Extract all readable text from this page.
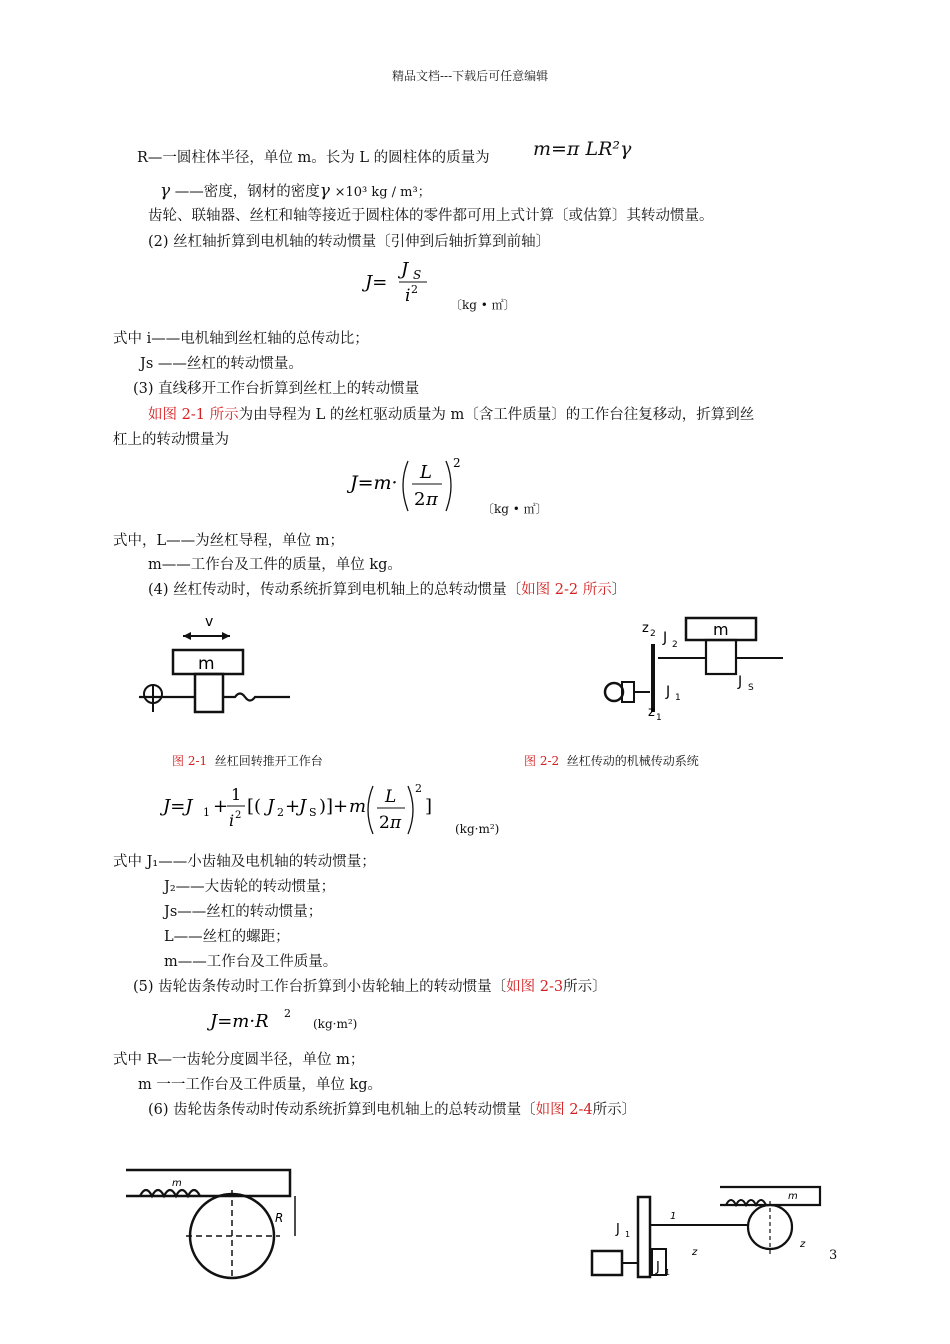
精品文档---下载后可任意编辑
R—一圆柱体半径，单位 m。长为 L 的圆柱体的质量为 m=π LR²γ
γ ——密度，钢材的密度γ ×10³ kg / m³；
齿轮、联轴器、丝杠和轴等接近于圆柱体的零件都可用上式计算〔或估算〕其转动惯量。
(2) 丝杠轴折算到电机轴的转动惯量〔引伸到后轴折算到前轴〕
J=
J S
i 2
〔kg • ㎡〕
式中 i——电机轴到丝杠轴的总传动比；
Js ——丝杠的转动惯量。
(3) 直线移开工作台折算到丝杠上的转动惯量
如图 2-1 所示为由导程为 L 的丝杠驱动质量为 m〔含工件质量〕的工作台往复移动，折算到丝
杠上的转动惯量为
J=m· L
2 π
2
〔kg • ㎡〕
式中，L——为丝杠导程，单位 m；
m——工作台及工件的质量，单位 kg。
(4) 丝杠传动时，传动系统折算到电机轴上的总转动惯量〔如图 2-2 所示〕
v
m
z 2 J 2
m
J 1
J S
z 1
图 2-1 丝杠回转推开工作台	图 2-2 丝杠传动的机械传动系统
J=J 1 +
1
i 2 [( J 2 +
J S )]+ m L
2 π
2
]
(kg·m²)
式中 J₁——小齿轴及电机轴的转动惯量；
J₂——大齿轮的转动惯量；
Js——丝杠的转动惯量；
L——丝杠的螺距；
m——工作台及工件质量。
(5) 齿轮齿条传动时工作台折算到小齿轮轴上的转动惯量〔如图 2-3所示〕
J=m·R 2
(kg·m²)
式中 R—一齿轮分度圆半径，单位 m；
m 一一工作台及工件质量，单位 kg。
(6) 齿轮齿条传动时传动系统折算到电机轴上的总转动惯量〔如图 2-4所示〕
m
R
m
J 1
J 1
1
z
z
3
